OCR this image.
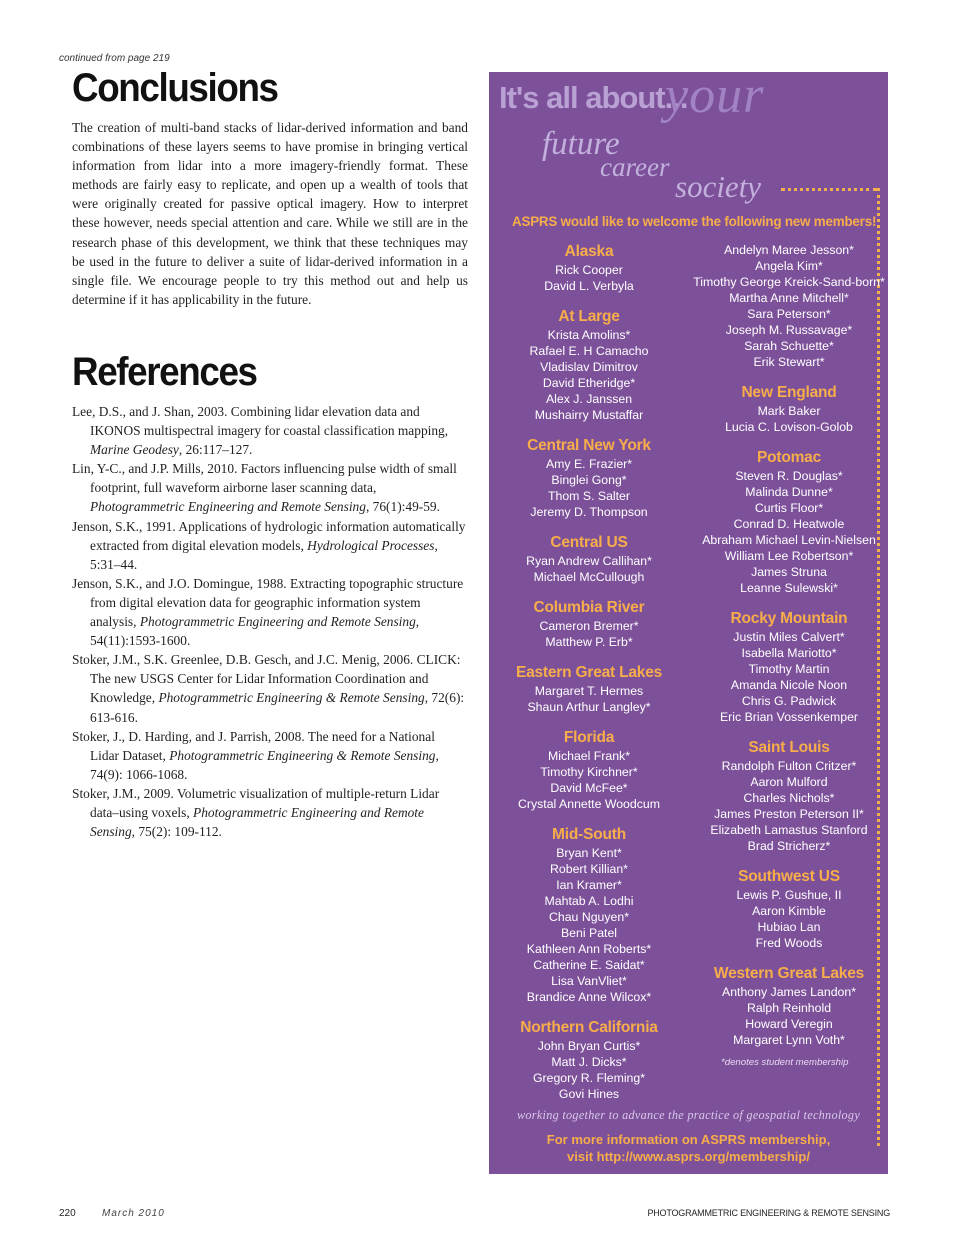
continued from page 219
Conclusions
The creation of multi-band stacks of lidar-derived information and band combinations of these layers seems to have promise in bringing vertical information from lidar into a more imagery-friendly format. These methods are fairly easy to replicate, and open up a wealth of tools that were originally created for passive optical imagery. How to interpret these however, needs special attention and care. While we still are in the research phase of this development, we think that these techniques may be used in the future to deliver a suite of lidar-derived information in a single file. We encourage people to try this method out and help us determine if it has applicability in the future.
References

Lee, D.S., and J. Shan, 2003. Combining lidar elevation data and IKONOS multispectral imagery for coastal classification mapping, Marine Geodesy, 26:117–127.

Lin, Y-C., and J.P. Mills, 2010. Factors influencing pulse width of small footprint, full waveform airborne laser scanning data, Photogrammetric Engineering and Remote Sensing, 76(1):49-59.

Jenson, S.K., 1991. Applications of hydrologic information automatically extracted from digital elevation models, Hydrological Processes, 5:31–44.

Jenson, S.K., and J.O. Domingue, 1988. Extracting topographic structure from digital elevation data for geographic information system analysis, Photogrammetric Engineering and Remote Sensing, 54(11):1593-1600.

Stoker, J.M., S.K. Greenlee, D.B. Gesch, and J.C. Menig, 2006. CLICK: The new USGS Center for Lidar Information Coordination and Knowledge, Photogrammetric Engineering & Remote Sensing, 72(6): 613-616.

Stoker, J., D. Harding, and J. Parrish, 2008. The need for a National Lidar Dataset, Photogrammetric Engineering & Remote Sensing, 74(9): 1066-1068.

Stoker, J.M., 2009. Volumetric visualization of multiple-return Lidar data–using voxels, Photogrammetric Engineering and Remote Sensing, 75(2): 109-112.

It's all about...
your
future
career
society
ASPRS would like to welcome the following new members!
Alaska

Rick Cooper

David L. Verbyla

At Large

Krista Amolins*

Rafael E. H Camacho

Vladislav Dimitrov

David Etheridge*

Alex J. Janssen

Mushairry Mustaffar

Central New York

Amy E. Frazier*

Binglei Gong*

Thom S. Salter

Jeremy D. Thompson

Central US

Ryan Andrew Callihan*

Michael McCullough

Columbia River

Cameron Bremer*

Matthew P. Erb*

Eastern Great Lakes

Margaret T. Hermes

Shaun Arthur Langley*

Florida

Michael Frank*

Timothy Kirchner*

David McFee*

Crystal Annette Woodcum

Mid-South

Bryan Kent*

Robert Killian*

Ian Kramer*

Mahtab A. Lodhi

Chau Nguyen*

Beni Patel

Kathleen Ann Roberts*

Catherine E. Saidat*

Lisa VanVliet*

Brandice Anne Wilcox*

Northern California

John Bryan Curtis*

Matt J. Dicks*

Gregory R. Fleming*

Govi Hines

Andelyn Maree Jesson*

Angela Kim*

Timothy George Kreick-Sand-born*

Martha Anne Mitchell*

Sara Peterson*

Joseph M. Russavage*

Sarah Schuette*

Erik Stewart*

New England

Mark Baker

Lucia C. Lovison-Golob

Potomac

Steven R. Douglas*

Malinda Dunne*

Curtis Floor*

Conrad D. Heatwole

Abraham Michael Levin-Nielsen

William Lee Robertson*

James Struna

Leanne Sulewski*

Rocky Mountain

Justin Miles Calvert*

Isabella Mariotto*

Timothy Martin

Amanda Nicole Noon

Chris G. Padwick

Eric Brian Vossenkemper

Saint Louis

Randolph Fulton Critzer*

Aaron Mulford

Charles Nichols*

James Preston Peterson II*

Elizabeth Lamastus Stanford

Brad Stricherz*

Southwest US

Lewis P. Gushue, II

Aaron Kimble

Hubiao Lan

Fred Woods

Western Great Lakes

Anthony James Landon*

Ralph Reinhold

Howard Veregin

Margaret Lynn Voth*

*denotes student membership
working together to advance the practice of geospatial technology
For more information on ASPRS membership,
visit http://www.asprs.org/membership/
220	March 2010	PHOTOGRAMMETRIC ENGINEERING & REMOTE SENSING
